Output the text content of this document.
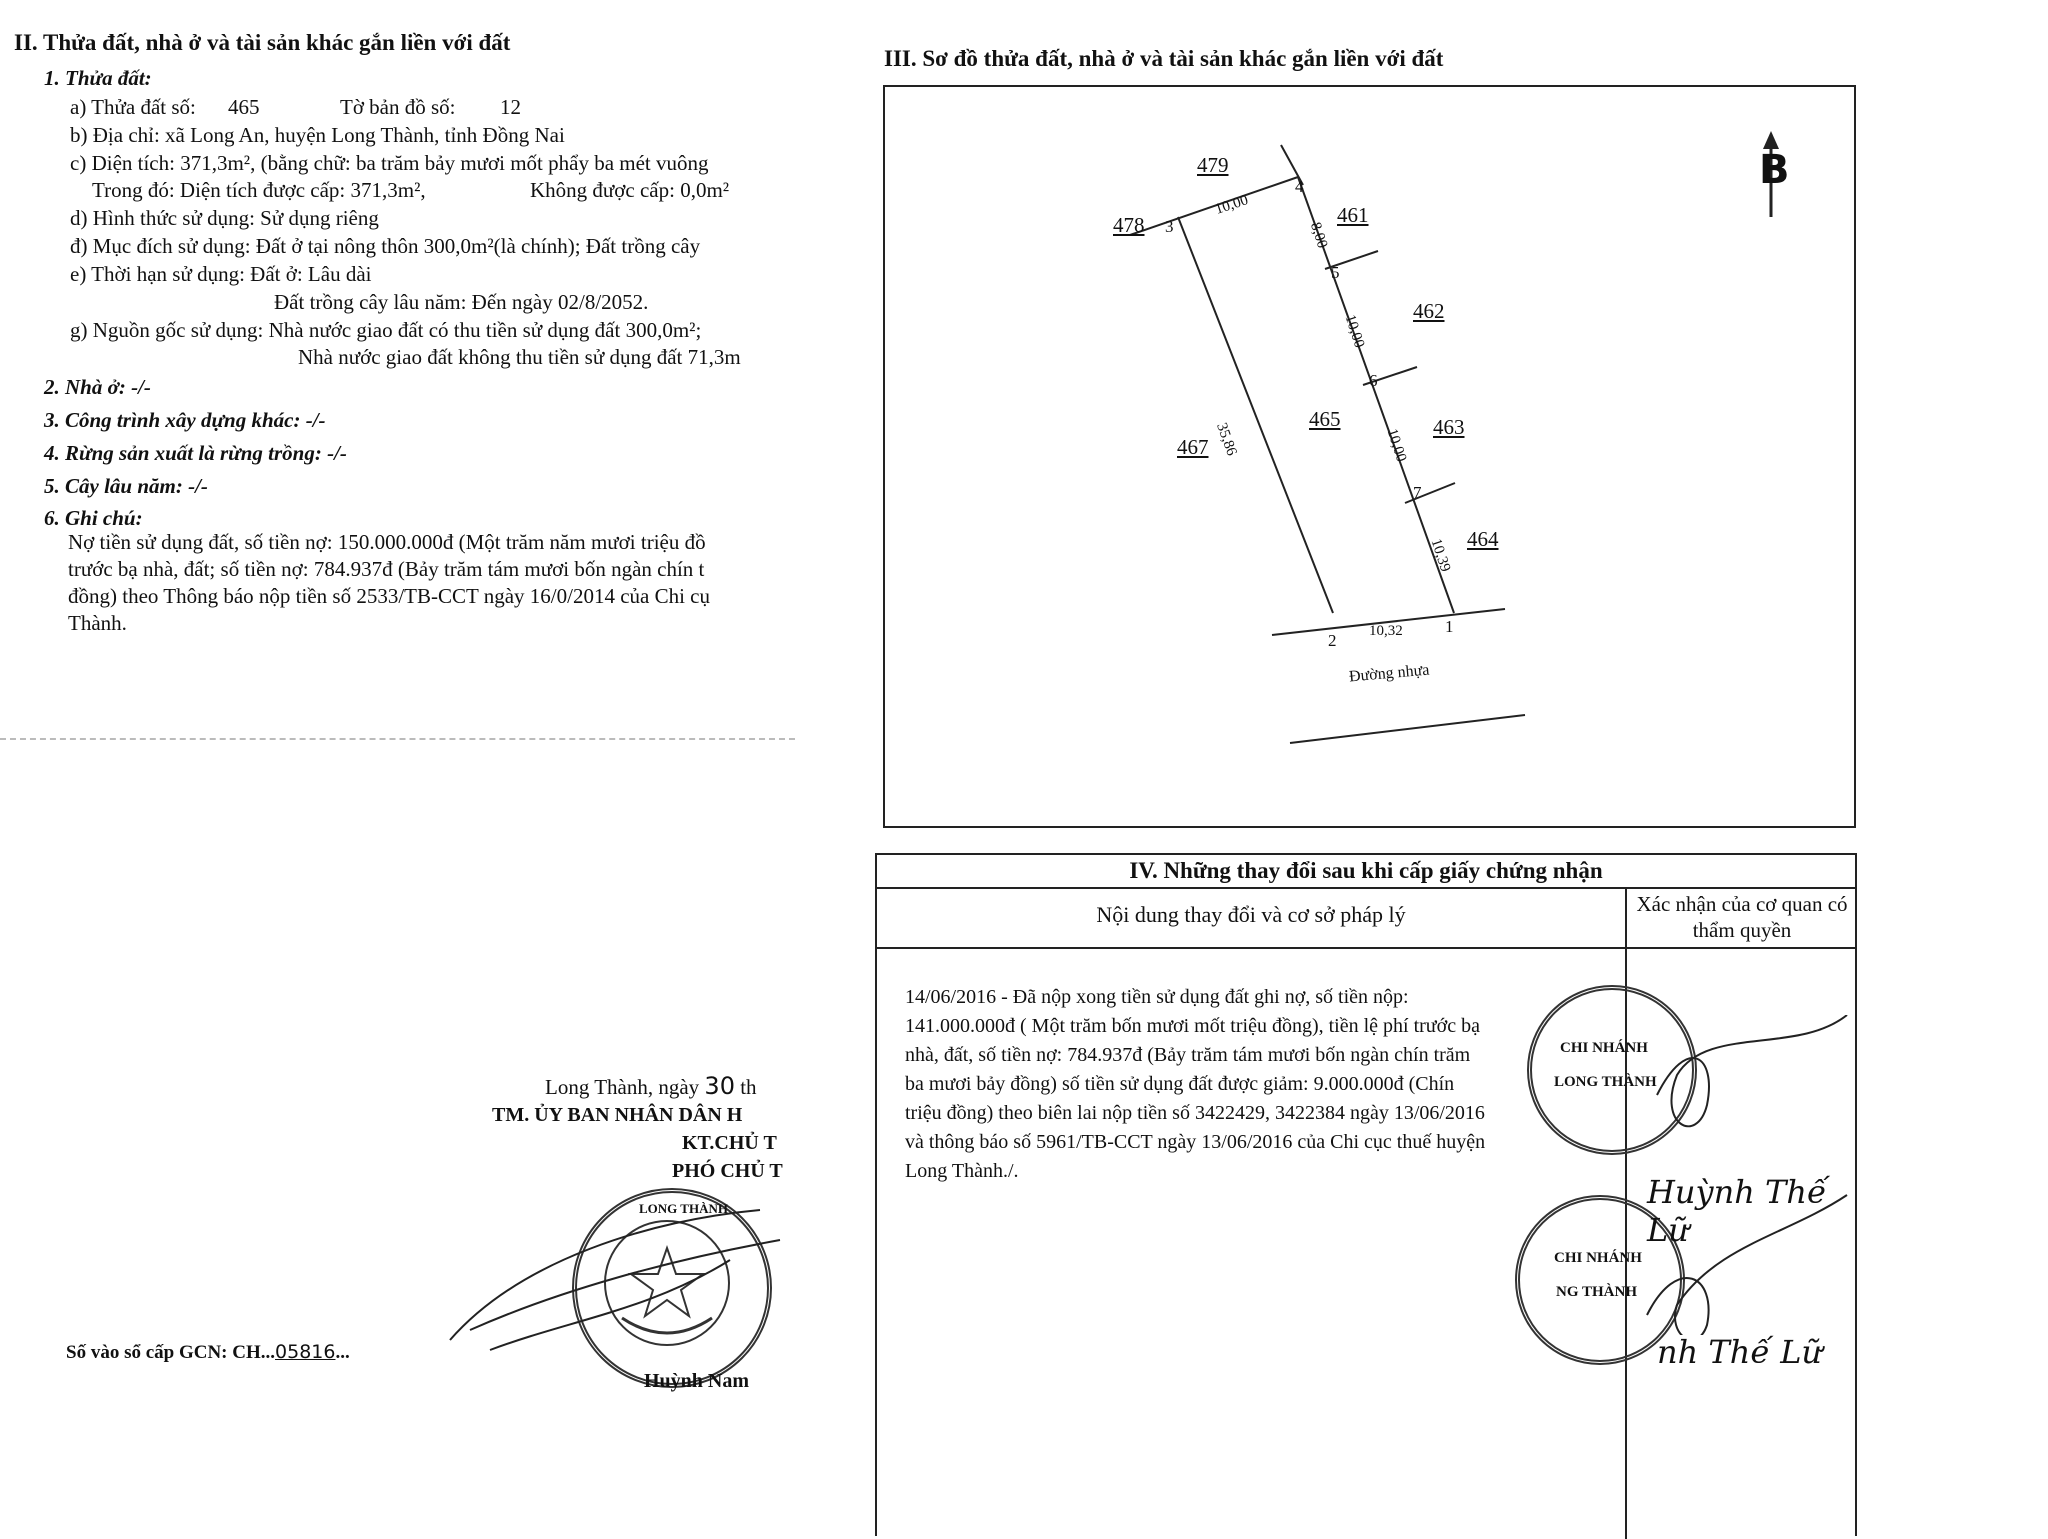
II. Thửa đất, nhà ở và tài sản khác gắn liền với đất
1. Thửa đất:
a) Thửa đất số: 465	Tờ bản đồ số: 12
b) Địa chỉ: xã Long An, huyện Long Thành, tỉnh Đồng Nai
c) Diện tích: 371,3m², (bằng chữ: ba trăm bảy mươi mốt phẩy ba mét vuông
Trong đó: Diện tích được cấp: 371,3m²,	Không được cấp: 0,0m²
d) Hình thức sử dụng: Sử dụng riêng
đ) Mục đích sử dụng: Đất ở tại nông thôn 300,0m²(là chính); Đất trồng cây
e) Thời hạn sử dụng: Đất ở: Lâu dài
Đất trồng cây lâu năm: Đến ngày 02/8/2052.
g) Nguồn gốc sử dụng: Nhà nước giao đất có thu tiền sử dụng đất 300,0m²;
Nhà nước giao đất không thu tiền sử dụng đất 71,3m
2. Nhà ở: -/-
3. Công trình xây dựng khác: -/-
4. Rừng sản xuất là rừng trồng: -/-
5. Cây lâu năm: -/-
6. Ghi chú:
Nợ tiền sử dụng đất, số tiền nợ: 150.000.000đ (Một trăm năm mươi triệu đồ
trước bạ nhà, đất; số tiền nợ: 784.937đ (Bảy trăm tám mươi bốn ngàn chín t
đồng) theo Thông báo nộp tiền số 2533/TB-CCT ngày 16/0/2014 của Chi cụ
Thành.
Long Thành, ngày 30 th
TM. ỦY BAN NHÂN DÂN H
KT.CHỦ T
PHÓ CHỦ T
LONG THÀNH
Huỳnh Nam
Số vào sổ cấp GCN: CH...05816...
III. Sơ đồ thửa đất, nhà ở và tài sản khác gắn liền với đất
B
479
478	461
462
465	463
467
464
1
2
3
4
5
6
7
10,00
8,00
10,00
10,00
35,86
10,39
10,32
Đường nhựa
IV. Những thay đổi sau khi cấp giấy chứng nhận
Nội dung thay đổi và cơ sở pháp lý	Xác nhận của cơ quan có thẩm quyền
14/06/2016 - Đã nộp xong tiền sử dụng đất ghi nợ, số tiền nộp:
141.000.000đ ( Một trăm bốn mươi mốt triệu đồng), tiền lệ phí trước bạ
nhà, đất, số tiền nợ: 784.937đ (Bảy trăm tám mươi bốn ngàn chín trăm
ba mươi bảy đồng) số tiền sử dụng đất được giảm: 9.000.000đ (Chín
triệu đồng) theo biên lai nộp tiền số 3422429, 3422384 ngày 13/06/2016
và thông báo số 5961/TB-CCT ngày 13/06/2016 của Chi cục thuế huyện
Long Thành./.
CHI NHÁNH
LONG THÀNH
CHI NHÁNH
NG THÀNH
Huỳnh Thế Lữ
nh Thế Lữ
